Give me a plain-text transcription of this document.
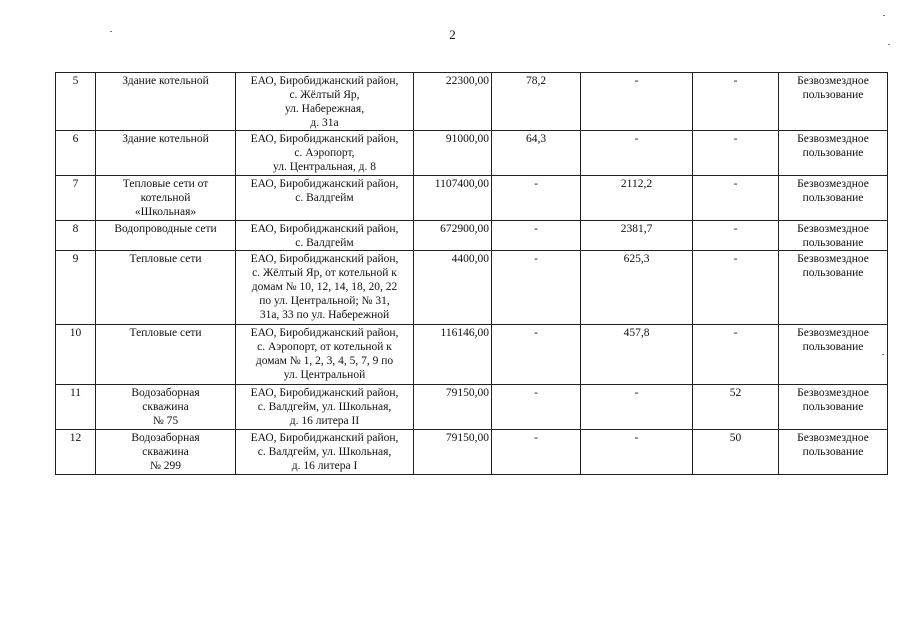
2
5	Здание котельной	ЕАО, Биробиджанский район,
с. Жёлтый Яр,
ул. Набережная,
д. 31а	22300,00	78,2	-	-	Безвозмездное
пользование

6	Здание котельной	ЕАО, Биробиджанский район,
с. Аэропорт,
ул. Центральная, д. 8	91000,00	64,3	-	-	Безвозмездное
пользование

7	Тепловые сети от
котельной
«Школьная»	ЕАО, Биробиджанский район,
с. Валдгейм	1107400,00	-	2112,2	-	Безвозмездное
пользование

8	Водопроводные сети	ЕАО, Биробиджанский район,
с. Валдгейм	672900,00	-	2381,7	-	Безвозмездное
пользование

9	Тепловые сети	ЕАО, Биробиджанский район,
с. Жёлтый Яр, от котельной к
домам № 10, 12, 14, 18, 20, 22
по ул. Центральной; № 31,
31а, 33 по ул. Набережной	4400,00	-	625,3	-	Безвозмездное
пользование

10	Тепловые сети	ЕАО, Биробиджанский район,
с. Аэропорт, от котельной к
домам № 1, 2, 3, 4, 5, 7, 9 по
ул. Центральной	116146,00	-	457,8	-	Безвозмездное
пользование

11	Водозаборная
скважина
№ 75	ЕАО, Биробиджанский район,
с. Валдгейм, ул. Школьная,
д. 16 литера II	79150,00	-	-	52	Безвозмездное
пользование

12	Водозаборная
скважина
№ 299	ЕАО, Биробиджанский район,
с. Валдгейм, ул. Школьная,
д. 16 литера I	79150,00	-	-	50	Безвозмездное
пользование
